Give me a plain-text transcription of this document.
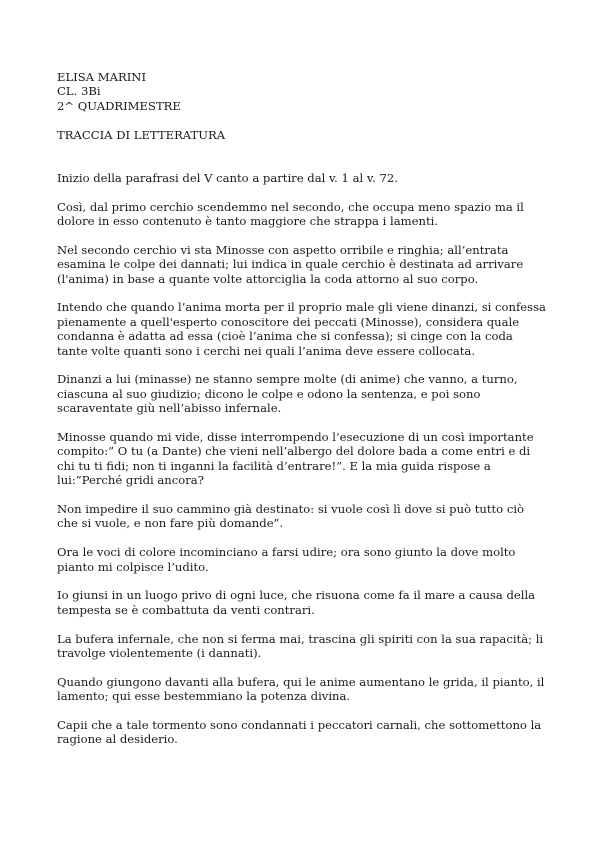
ELISA MARINI

CL. 3Bi

2^ QUADRIMESTRE

TRACCIA DI LETTERATURA

Inizio della parafrasi del V canto a partire dal v. 1 al v. 72.

Così, dal primo cerchio scendemmo nel secondo, che occupa meno spazio ma il dolore in esso contenuto è tanto maggiore che strappa i lamenti.

Nel secondo cerchio vi sta Minosse con aspetto orribile e ringhia; all’entrata esamina le colpe dei dannati; lui indica in quale cerchio è destinata ad arrivare (l'anima) in base a quante volte attorciglia la coda attorno al suo corpo.

Intendo che quando l’anima morta per il proprio male gli viene dinanzi, si confessa pienamente a quell'esperto conoscitore dei peccati (Minosse), considera quale condanna è adatta ad essa (cioè l’anima che si confessa); si cinge con la coda tante volte quanti sono i cerchi nei quali l’anima deve essere collocata.

Dinanzi a lui (minasse) ne stanno sempre molte (di anime) che vanno, a turno, ciascuna al suo giudizio; dicono le colpe e odono la sentenza, e poi sono scaraventate giù nell’abisso infernale.

Minosse quando mi vide, disse interrompendo l’esecuzione di un così importante compito:” O tu (a Dante) che vieni nell’albergo del dolore bada a come entri e di chi tu ti fidi; non ti inganni la facilità d’entrare!”. E la mia guida rispose a lui:”Perché gridi ancora?

Non impedire il suo cammino già destinato: si vuole così lì dove si può tutto ciò che si vuole, e non fare più domande”.

Ora le voci di colore incominciano a farsi udire; ora sono giunto la dove molto pianto mi colpisce l’udito.

Io giunsi in un luogo privo di ogni luce, che risuona come fa il mare a causa della tempesta se è combattuta da venti contrari.

La bufera infernale, che non si ferma mai, trascina gli spiriti con la sua rapacità; li travolge violentemente (i dannati).

Quando giungono davanti alla bufera, qui le anime aumentano le grida, il pianto, il lamento; qui esse bestemmiano la potenza divina.

Capii che a tale tormento sono condannati i peccatori carnali, che sottomettono la ragione al desiderio.
